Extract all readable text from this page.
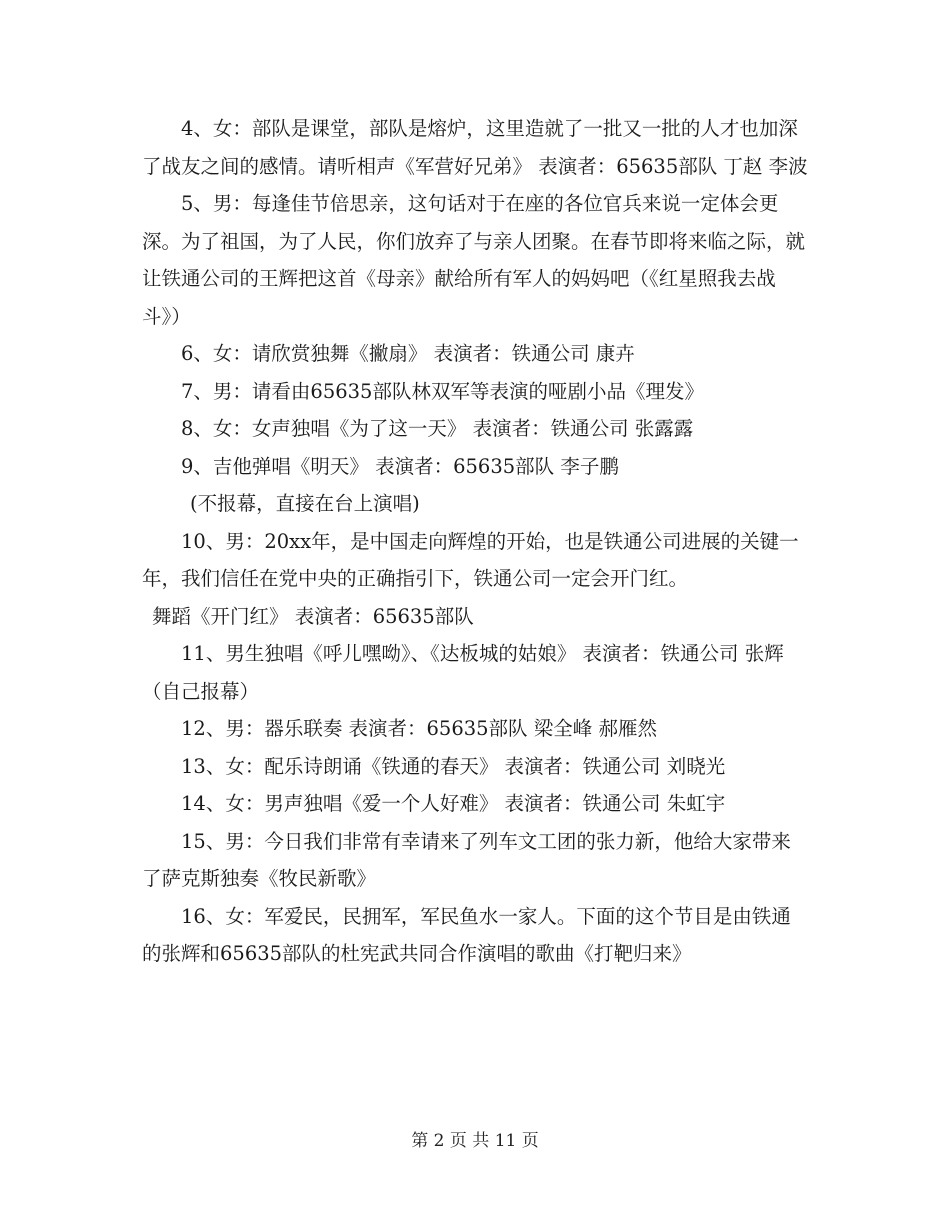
4、女：部队是课堂，部队是熔炉，这里造就了一批又一批的人才也加深了战友之间的感情。请听相声《军营好兄弟》 表演者：65635部队 丁赵 李波

5、男：每逢佳节倍思亲，这句话对于在座的各位官兵来说一定体会更深。为了祖国，为了人民，你们放弃了与亲人团聚。在春节即将来临之际，就让铁通公司的王辉把这首《母亲》献给所有军人的妈妈吧（《红星照我去战斗》）

6、女：请欣赏独舞《撇扇》 表演者：铁通公司 康卉

7、男：请看由65635部队林双军等表演的哑剧小品《理发》

8、女：女声独唱《为了这一天》 表演者：铁通公司 张露露

9、吉他弹唱《明天》 表演者：65635部队 李子鹏

(不报幕，直接在台上演唱)

10、男：20xx年，是中国走向辉煌的开始，也是铁通公司进展的关键一年，我们信任在党中央的正确指引下，铁通公司一定会开门红。

舞蹈《开门红》 表演者：65635部队

11、男生独唱《呼儿嘿呦》、《达板城的姑娘》 表演者：铁通公司 张辉（自己报幕）

12、男：器乐联奏 表演者：65635部队 梁全峰 郝雁然

13、女：配乐诗朗诵《铁通的春天》 表演者：铁通公司 刘晓光

14、女：男声独唱《爱一个人好难》 表演者：铁通公司 朱虹宇

15、男：今日我们非常有幸请来了列车文工团的张力新，他给大家带来了萨克斯独奏《牧民新歌》

16、女：军爱民，民拥军，军民鱼水一家人。下面的这个节目是由铁通的张辉和65635部队的杜宪武共同合作演唱的歌曲《打靶归来》

第 2 页 共 11 页
